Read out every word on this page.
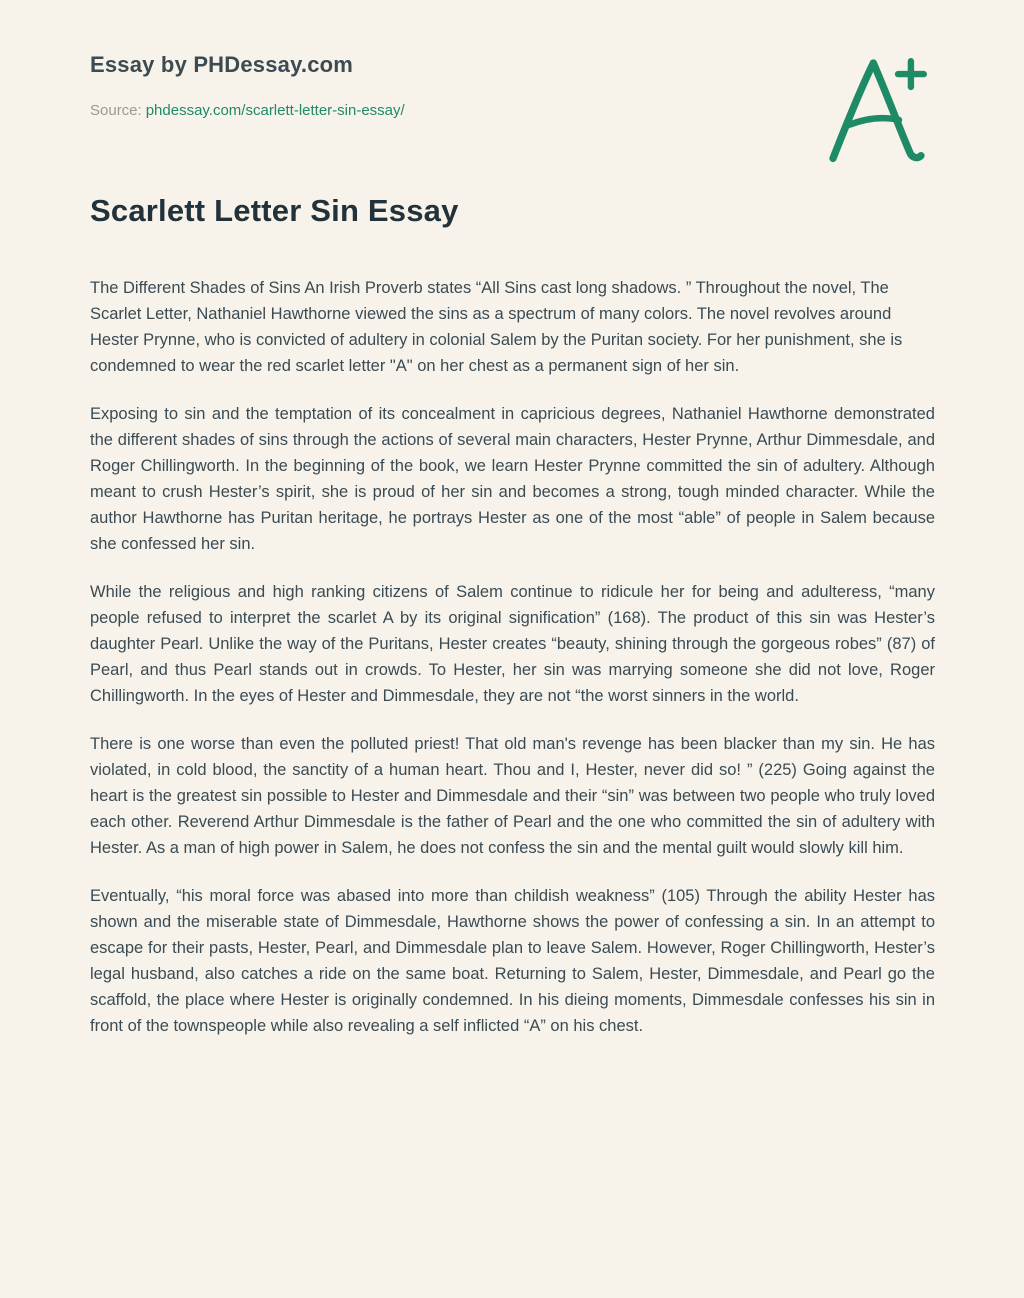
Essay by PHDessay.com
Source: phdessay.com/scarlett-letter-sin-essay/
Scarlett Letter Sin Essay

The Different Shades of Sins An Irish Proverb states “All Sins cast long shadows. ” Throughout the novel, The Scarlet Letter, Nathaniel Hawthorne viewed the sins as a spectrum of many colors. The novel revolves around Hester Prynne, who is convicted of adultery in colonial Salem by the Puritan society. For her punishment, she is condemned to wear the red scarlet letter "A" on her chest as a permanent sign of her sin.

Exposing to sin and the temptation of its concealment in capricious degrees, Nathaniel Hawthorne demonstrated the different shades of sins through the actions of several main characters, Hester Prynne, Arthur Dimmesdale, and Roger Chillingworth. In the beginning of the book, we learn Hester Prynne committed the sin of adultery. Although meant to crush Hester’s spirit, she is proud of her sin and becomes a strong, tough minded character. While the author Hawthorne has Puritan heritage, he portrays Hester as one of the most “able” of people in Salem because she confessed her sin.

While the religious and high ranking citizens of Salem continue to ridicule her for being and adulteress, “many people refused to interpret the scarlet A by its original signification” (168). The product of this sin was Hester’s daughter Pearl. Unlike the way of the Puritans, Hester creates “beauty, shining through the gorgeous robes” (87) of Pearl, and thus Pearl stands out in crowds. To Hester, her sin was marrying someone she did not love, Roger Chillingworth. In the eyes of Hester and Dimmesdale, they are not “the worst sinners in the world.

There is one worse than even the polluted priest! That old man's revenge has been blacker than my sin. He has violated, in cold blood, the sanctity of a human heart. Thou and I, Hester, never did so! ” (225) Going against the heart is the greatest sin possible to Hester and Dimmesdale and their “sin” was between two people who truly loved each other. Reverend Arthur Dimmesdale is the father of Pearl and the one who committed the sin of adultery with Hester. As a man of high power in Salem, he does not confess the sin and the mental guilt would slowly kill him.

Eventually, “his moral force was abased into more than childish weakness” (105) Through the ability Hester has shown and the miserable state of Dimmesdale, Hawthorne shows the power of confessing a sin. In an attempt to escape for their pasts, Hester, Pearl, and Dimmesdale plan to leave Salem. However, Roger Chillingworth, Hester’s legal husband, also catches a ride on the same boat. Returning to Salem, Hester, Dimmesdale, and Pearl go the scaffold, the place where Hester is originally condemned. In his dieing moments, Dimmesdale confesses his sin in front of the townspeople while also revealing a self inflicted “A” on his chest.
